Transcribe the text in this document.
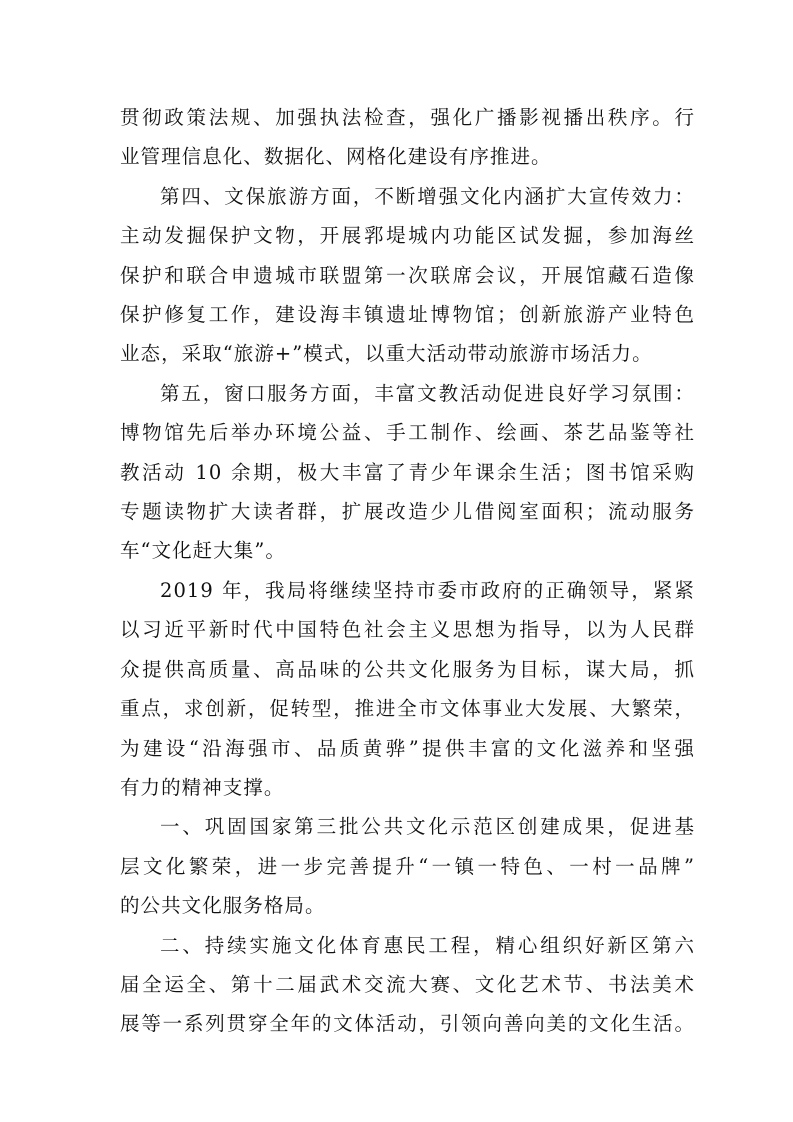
贯彻政策法规、加强执法检查，强化广播影视播出秩序。行
业管理信息化、数据化、网格化建设有序推进。
第四、文保旅游方面，不断增强文化内涵扩大宣传效力：
主动发掘保护文物，开展郛堤城内功能区试发掘，参加海丝
保护和联合申遗城市联盟第一次联席会议，开展馆藏石造像
保护修复工作，建设海丰镇遗址博物馆；创新旅游产业特色
业态，采取“旅游+”模式，以重大活动带动旅游市场活力。
第五，窗口服务方面，丰富文教活动促进良好学习氛围：
博物馆先后举办环境公益、手工制作、绘画、茶艺品鉴等社
教活动 10 余期，极大丰富了青少年课余生活；图书馆采购
专题读物扩大读者群，扩展改造少儿借阅室面积；流动服务
车“文化赶大集”。
2019 年，我局将继续坚持市委市政府的正确领导，紧紧
以习近平新时代中国特色社会主义思想为指导，以为人民群
众提供高质量、高品味的公共文化服务为目标，谋大局，抓
重点，求创新，促转型，推进全市文体事业大发展、大繁荣，
为建设“沿海强市、品质黄骅”提供丰富的文化滋养和坚强
有力的精神支撑。
一、巩固国家第三批公共文化示范区创建成果，促进基
层文化繁荣，进一步完善提升“一镇一特色、一村一品牌”
的公共文化服务格局。
二、持续实施文化体育惠民工程，精心组织好新区第六
届全运全、第十二届武术交流大赛、文化艺术节、书法美术
展等一系列贯穿全年的文体活动，引领向善向美的文化生活。
